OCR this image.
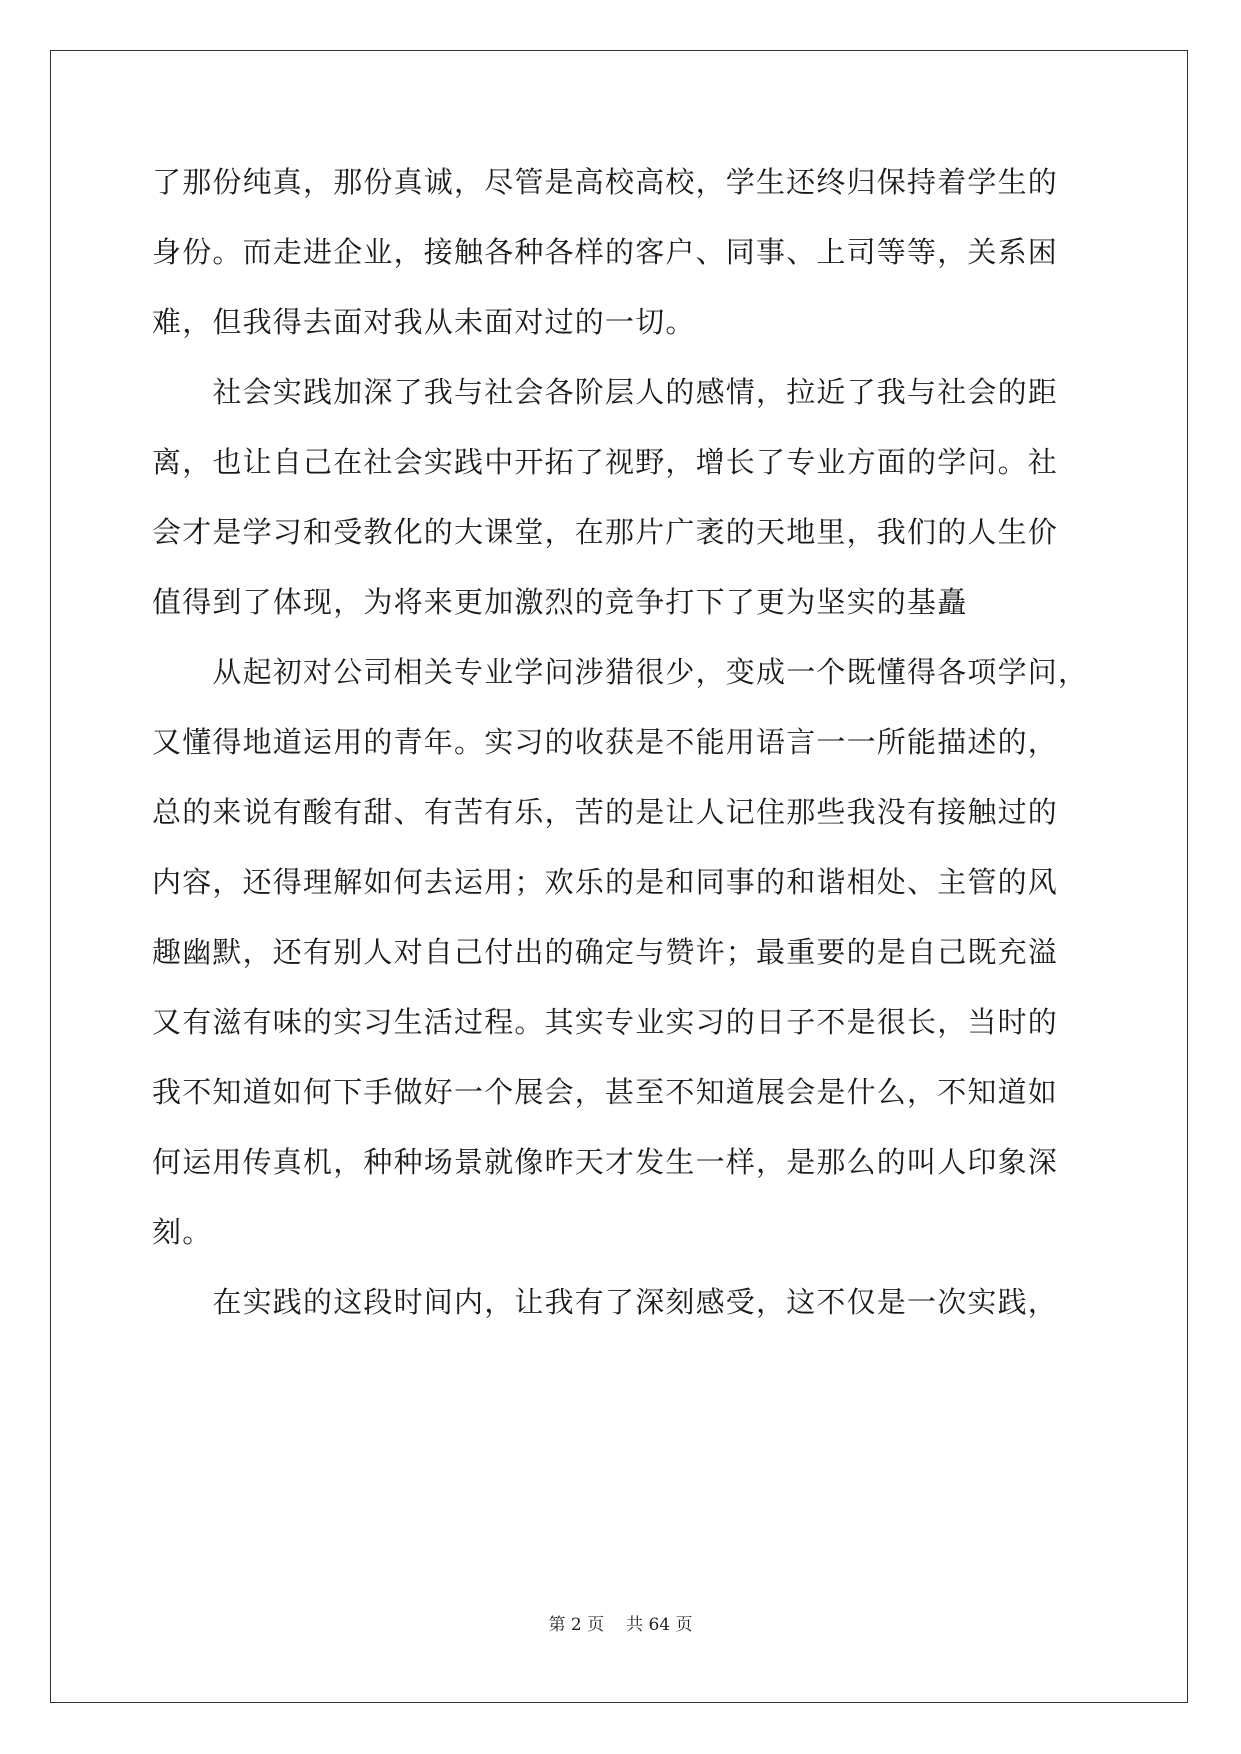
了那份纯真，那份真诚，尽管是高校高校，学生还终归保持着学生的
身份。而走进企业，接触各种各样的客户、同事、上司等等，关系困
难，但我得去面对我从未面对过的一切。
　　社会实践加深了我与社会各阶层人的感情，拉近了我与社会的距
离，也让自己在社会实践中开拓了视野，增长了专业方面的学问。社
会才是学习和受教化的大课堂，在那片广袤的天地里，我们的人生价
值得到了体现，为将来更加激烈的竞争打下了更为坚实的基矗
　　从起初对公司相关专业学问涉猎很少，变成一个既懂得各项学问，
又懂得地道运用的青年。实习的收获是不能用语言一一所能描述的，
总的来说有酸有甜、有苦有乐，苦的是让人记住那些我没有接触过的
内容，还得理解如何去运用；欢乐的是和同事的和谐相处、主管的风
趣幽默，还有别人对自己付出的确定与赞许；最重要的是自己既充溢
又有滋有味的实习生活过程。其实专业实习的日子不是很长，当时的
我不知道如何下手做好一个展会，甚至不知道展会是什么，不知道如
何运用传真机，种种场景就像昨天才发生一样，是那么的叫人印象深
刻。
　　在实践的这段时间内，让我有了深刻感受，这不仅是一次实践，
第 2 页 共 64 页
